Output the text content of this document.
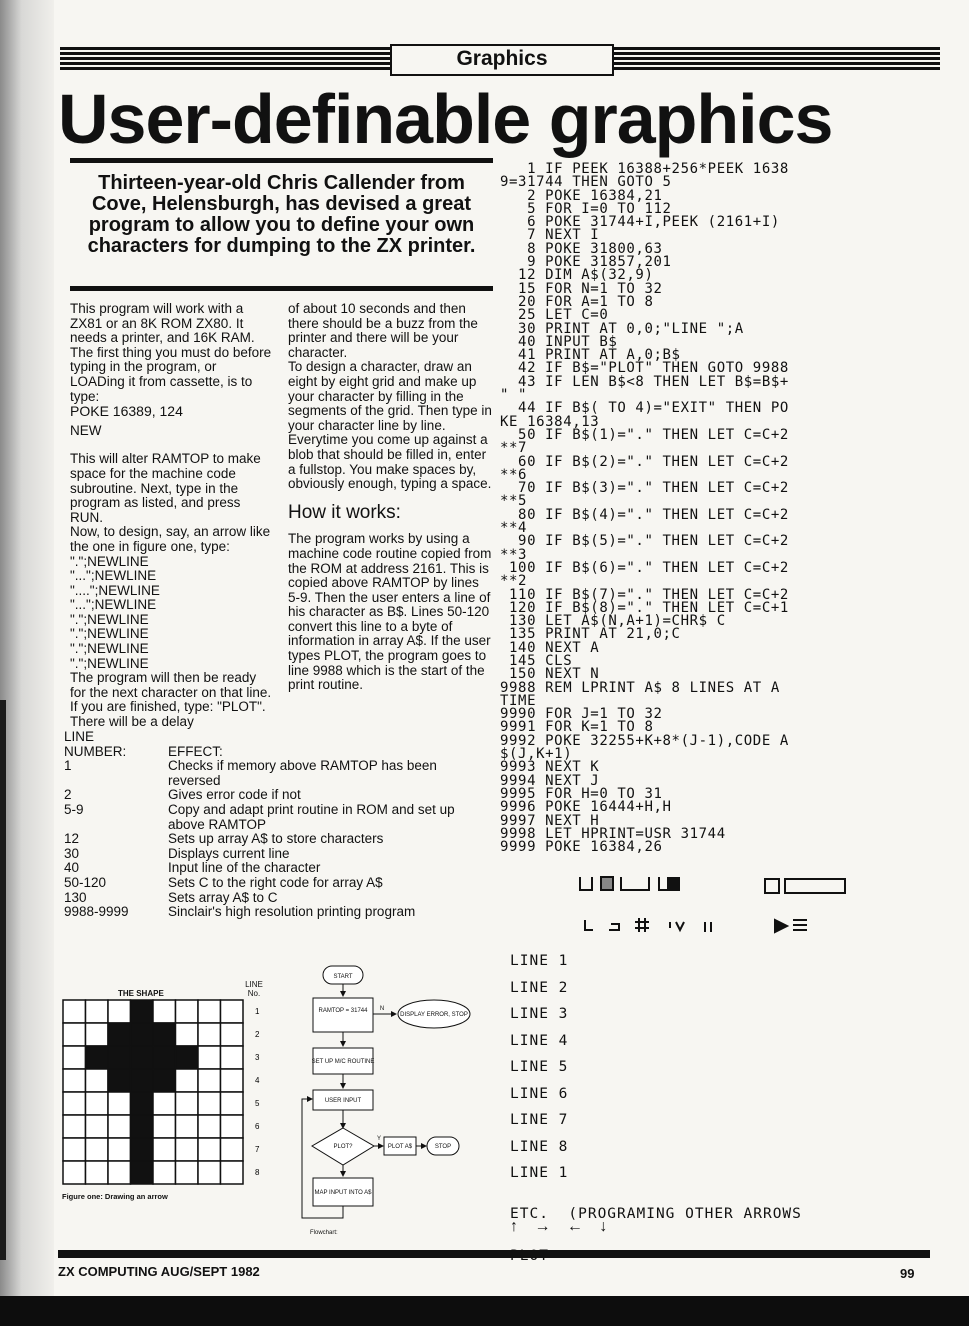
Graphics
User-definable graphics
Thirteen-year-old Chris Callender from Cove, Helensburgh, has devised a great program to allow you to define your own characters for dumping to the ZX printer.

This program will work with a ZX81 or an 8K ROM ZX80. It needs a printer, and 16K RAM. The first thing you must do before typing in the program, or LOADing it from cassette, is to type:

POKE 16389, 124

NEW

This will alter RAMTOP to make space for the machine code subroutine. Next, type in the program as listed, and press RUN.

Now, to design, say, an arrow like the one in figure one, type:

".";NEWLINE
"...";NEWLINE
"....";NEWLINE
"...";NEWLINE
".";NEWLINE
".";NEWLINE
".";NEWLINE
".";NEWLINE

The program will then be ready for the next character on that line. If you are finished, type: "PLOT". There will be a delay

of about 10 seconds and then there should be a buzz from the printer and there will be your character.

To design a character, draw an eight by eight grid and make up your character by filling in the segments of the grid. Then type in your character line by line. Everytime you come up against a blob that should be filled in, enter a fullstop. You make spaces by, obviously enough, typing a space.

How it works:

The program works by using a machine code routine copied from the ROM at address 2161. This is copied above RAMTOP by lines 5-9. Then the user enters a line of his character as B$. Lines 50-120 convert this line to a byte of information in array A$. If the user types PLOT, the program goes to line 9988 which is the start of the print routine.

LINE
NUMBER:	EFFECT:
1	Checks if memory above RAMTOP has been reversed
2	Gives error code if not
5-9	Copy and adapt print routine in ROM and set up above RAMTOP
12	Sets up array A$ to store characters
30	Displays current line
40	Input line of the character
50-120	Sets C to the right code for array A$
130	Sets array A$ to C
9988-9999	Sinclair's high resolution printing program
THE SHAPE
LINE
No.
1
2
3
4
5
6
7
8
Figure one: Drawing an arrow
START
RAMTOP = 31744 N
DISPLAY ERROR, STOP
SET UP M/C ROUTINE
USER INPUT
PLOT?
Y
PLOT A$	STOP
MAP INPUT INTO A$
Flowchart:
1 IF PEEK 16388+256*PEEK 1638
9=31744 THEN GOTO 5
2 POKE 16384,21
5 FOR I=0 TO 112
6 POKE 31744+I,PEEK (2161+I)
7 NEXT I
8 POKE 31800,63
9 POKE 31857,201
12 DIM A$(32,9)
15 FOR N=1 TO 32
20 FOR A=1 TO 8
25 LET C=0
30 PRINT AT 0,0;"LINE ";A
40 INPUT B$
41 PRINT AT A,0;B$
42 IF B$="PLOT" THEN GOTO 9988
43 IF LEN B$<8 THEN LET B$=B$+
" "
44 IF B$( TO 4)="EXIT" THEN PO
KE 16384,13
50 IF B$(1)="." THEN LET C=C+2
**7
60 IF B$(2)="." THEN LET C=C+2
**6
70 IF B$(3)="." THEN LET C=C+2
**5
80 IF B$(4)="." THEN LET C=C+2
**4
90 IF B$(5)="." THEN LET C=C+2
**3
100 IF B$(6)="." THEN LET C=C+2
**2
110 IF B$(7)="." THEN LET C=C+2
120 IF B$(8)="." THEN LET C=C+1
130 LET A$(N,A+1)=CHR$ C
135 PRINT AT 21,0;C
140 NEXT A
145 CLS
150 NEXT N
9988 REM LPRINT A$ 8 LINES AT A
TIME
9990 FOR J=1 TO 32
9991 FOR K=1 TO 8
9992 POKE 32255+K+8*(J-1),CODE A
$(J,K+1)
9993 NEXT K
9994 NEXT J
9995 FOR H=0 TO 31
9996 POKE 16444+H,H
9997 NEXT H
9998 LET HPRINT=USR 31744
9999 POKE 16384,26
LINE 1
LINE 2
LINE 3
LINE 4
LINE 5
LINE 6
LINE 7
LINE 8
LINE 1

ETC.  (PROGRAMING OTHER ARROWS

↑ → ← ↓
ZX COMPUTING AUG/SEPT 1982	99
